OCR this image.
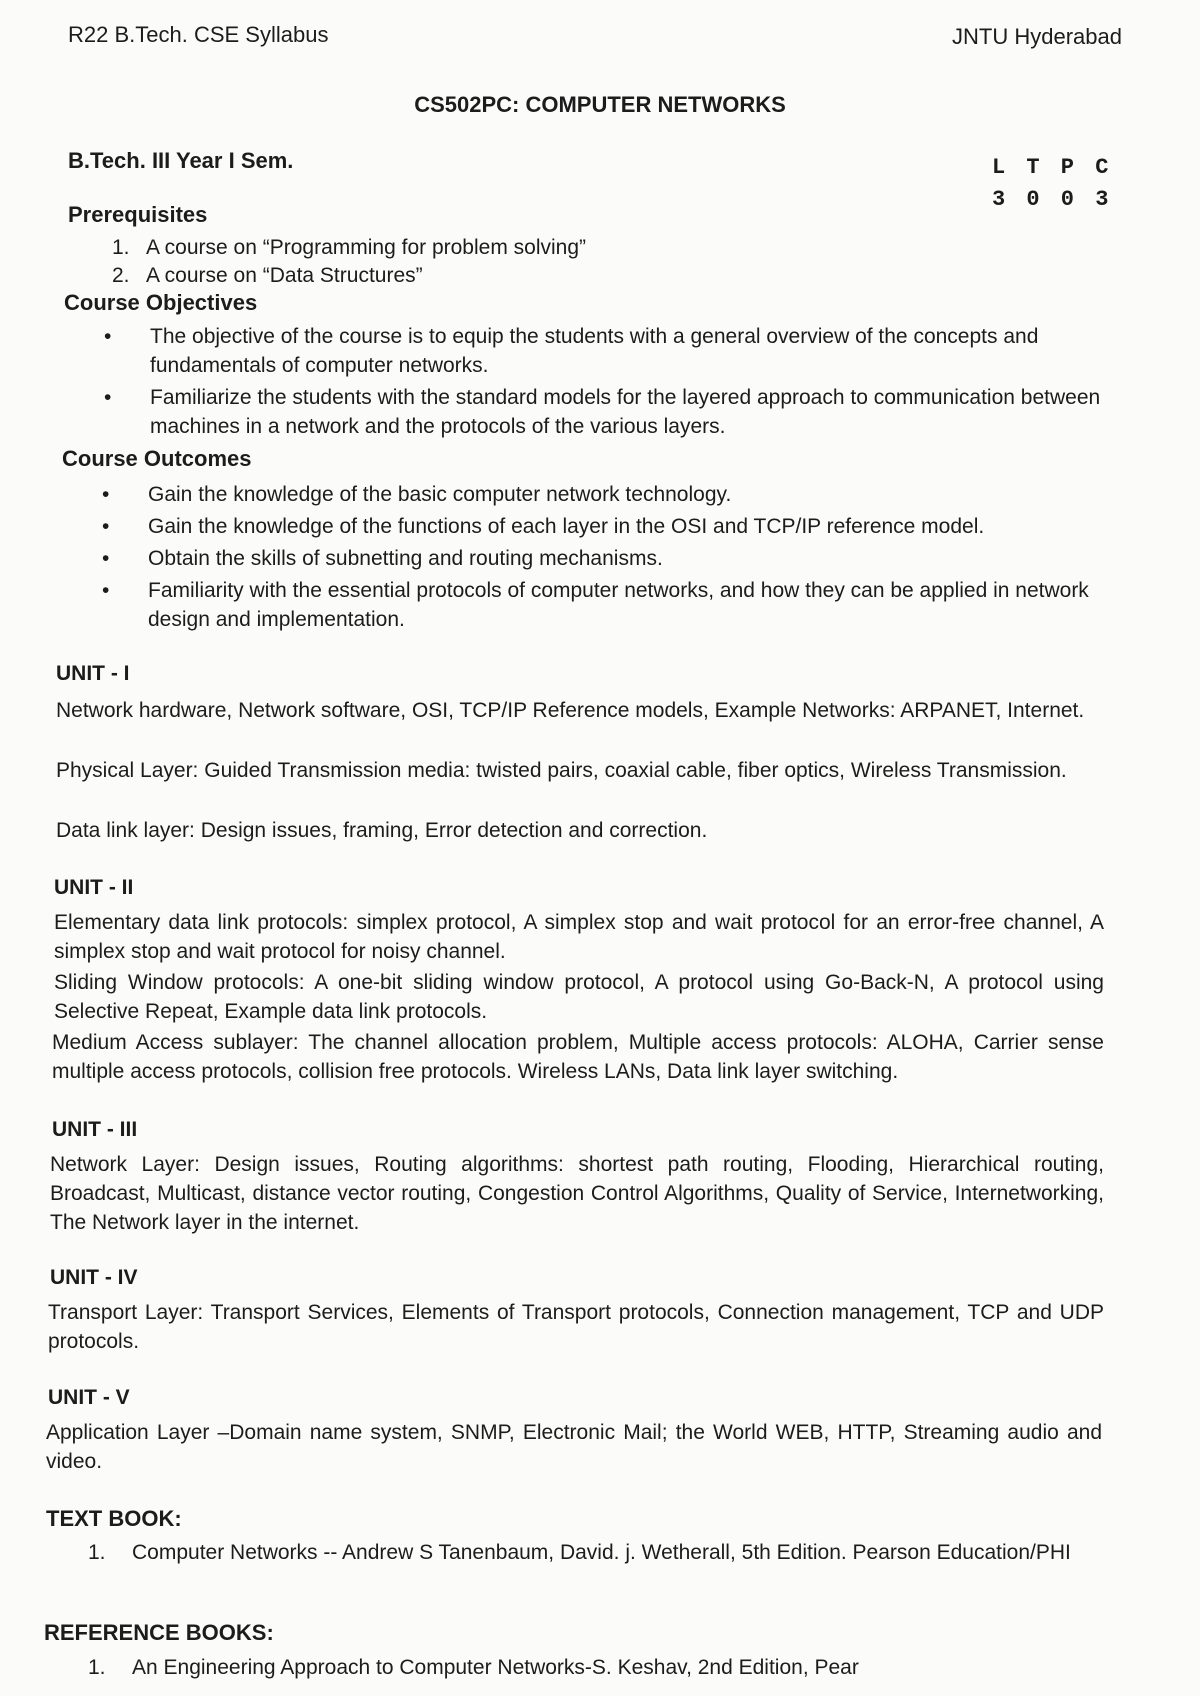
R22 B.Tech. CSE Syllabus	JNTU Hyderabad
CS502PC: COMPUTER NETWORKS
B.Tech. III Year I Sem.	L T P C
3 0 0 3
Prerequisites
1. A course on “Programming for problem solving”
2. A course on “Data Structures”
Course Objectives
• The objective of the course is to equip the students with a general overview of the concepts and fundamentals of computer networks.
• Familiarize the students with the standard models for the layered approach to communication between machines in a network and the protocols of the various layers.
Course Outcomes
• Gain the knowledge of the basic computer network technology.
• Gain the knowledge of the functions of each layer in the OSI and TCP/IP reference model.
• Obtain the skills of subnetting and routing mechanisms.
• Familiarity with the essential protocols of computer networks, and how they can be applied in network design and implementation.
UNIT - I
Network hardware, Network software, OSI, TCP/IP Reference models, Example Networks: ARPANET, Internet.
Physical Layer: Guided Transmission media: twisted pairs, coaxial cable, fiber optics, Wireless Transmission.
Data link layer: Design issues, framing, Error detection and correction.
UNIT - II
Elementary data link protocols: simplex protocol, A simplex stop and wait protocol for an error-free channel, A simplex stop and wait protocol for noisy channel.
Sliding Window protocols: A one-bit sliding window protocol, A protocol using Go-Back-N, A protocol using Selective Repeat, Example data link protocols.
Medium Access sublayer: The channel allocation problem, Multiple access protocols: ALOHA, Carrier sense multiple access protocols, collision free protocols. Wireless LANs, Data link layer switching.
UNIT - III
Network Layer: Design issues, Routing algorithms: shortest path routing, Flooding, Hierarchical routing, Broadcast, Multicast, distance vector routing, Congestion Control Algorithms, Quality of Service, Internetworking, The Network layer in the internet.
UNIT - IV
Transport Layer: Transport Services, Elements of Transport protocols, Connection management, TCP and UDP protocols.
UNIT - V
Application Layer –Domain name system, SNMP, Electronic Mail; the World WEB, HTTP, Streaming audio and video.
TEXT BOOK:
1.	Computer Networks -- Andrew S Tanenbaum, David. j. Wetherall, 5th Edition. Pearson Education/PHI
REFERENCE BOOKS:
1. An Engineering Approach to Computer Networks-S. Keshav, 2nd Edition, Pear
